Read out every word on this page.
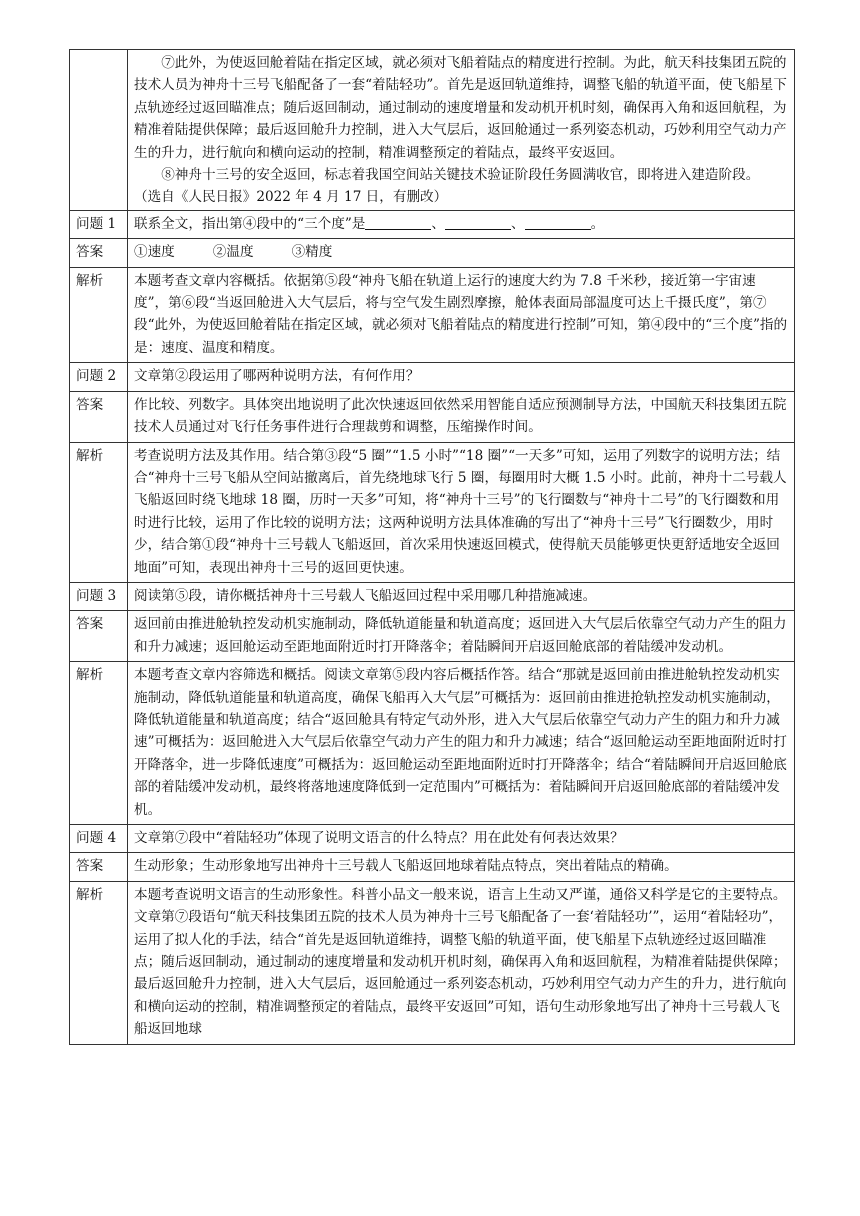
	⑦此外，为使返回舱着陆在指定区域，就必须对飞船着陆点的精度进行控制。为此，航天科技集团五院的技术人员为神舟十三号飞船配备了一套“着陆轻功”。首先是返回轨道维持，调整飞船的轨道平面，使飞船星下点轨迹经过返回瞄准点；随后返回制动，通过制动的速度增量和发动机开机时刻，确保再入角和返回航程，为精准着陆提供保障；最后返回舱升力控制，进入大气层后，返回舱通过一系列姿态机动，巧妙利用空气动力产生的升力，进行航向和横向运动的控制，精准调整预定的着陆点，最终平安返回。

⑧神舟十三号的安全返回，标志着我国空间站关键技术验证阶段任务圆满收官，即将进入建造阶段。

（选自《人民日报》2022 年 4 月 17 日，有删改）

问题 1	联系全文，指出第④段中的“三个度”是 、 、 。
答案	①速度 ②温度 ③精度
解析	本题考查文章内容概括。依据第⑤段“神舟飞船在轨道上运行的速度大约为 7.8 千米秒，接近第一宇宙速度”，第⑥段“当返回舱进入大气层后，将与空气发生剧烈摩擦，舱体表面局部温度可达上千摄氏度”，第⑦段“此外，为使返回舱着陆在指定区域，就必须对飞船着陆点的精度进行控制”可知，第④段中的“三个度”指的是：速度、温度和精度。
问题 2	文章第②段运用了哪两种说明方法，有何作用？
答案	作比较、列数字。具体突出地说明了此次快速返回依然采用智能自适应预测制导方法，中国航天科技集团五院技术人员通过对飞行任务事件进行合理裁剪和调整，压缩操作时间。
解析	考查说明方法及其作用。结合第③段“5 圈”“1.5 小时”“18 圈”“一天多”可知，运用了列数字的说明方法；结合“神舟十三号飞船从空间站撤离后，首先绕地球飞行 5 圈，每圈用时大概 1.5 小时。此前，神舟十二号载人飞船返回时绕飞地球 18 圈，历时一天多”可知，将“神舟十三号”的飞行圈数与“神舟十二号”的飞行圈数和用时进行比较，运用了作比较的说明方法；这两种说明方法具体准确的写出了“神舟十三号”飞行圈数少，用时少，结合第①段“神舟十三号载人飞船返回，首次采用快速返回模式，使得航天员能够更快更舒适地安全返回地面”可知，表现出神舟十三号的返回更快速。
问题 3	阅读第⑤段，请你概括神舟十三号载人飞船返回过程中采用哪几种措施减速。
答案	返回前由推进舱轨控发动机实施制动，降低轨道能量和轨道高度；返回进入大气层后依靠空气动力产生的阻力和升力减速；返回舱运动至距地面附近时打开降落伞；着陆瞬间开启返回舱底部的着陆缓冲发动机。
解析	本题考查文章内容筛选和概括。阅读文章第⑤段内容后概括作答。结合“那就是返回前由推进舱轨控发动机实施制动，降低轨道能量和轨道高度，确保飞船再入大气层”可概括为：返回前由推进抢轨控发动机实施制动，降低轨道能量和轨道高度；结合“返回舱具有特定气动外形，进入大气层后依靠空气动力产生的阻力和升力减速”可概括为：返回舱进入大气层后依靠空气动力产生的阻力和升力减速；结合“返回舱运动至距地面附近时打开降落伞，进一步降低速度”可概括为：返回舱运动至距地面附近时打开降落伞；结合“着陆瞬间开启返回舱底部的着陆缓冲发动机，最终将落地速度降低到一定范围内”可概括为：着陆瞬间开启返回舱底部的着陆缓冲发机。
问题 4	文章第⑦段中“着陆轻功”体现了说明文语言的什么特点？用在此处有何表达效果？
答案	生动形象；生动形象地写出神舟十三号载人飞船返回地球着陆点特点，突出着陆点的精确。
解析	本题考查说明文语言的生动形象性。科普小品文一般来说，语言上生动又严谨，通俗又科学是它的主要特点。文章第⑦段语句“航天科技集团五院的技术人员为神舟十三号飞船配备了一套‘着陆轻功’”，运用“着陆轻功”，运用了拟人化的手法，结合“首先是返回轨道维持，调整飞船的轨道平面，使飞船星下点轨迹经过返回瞄准点；随后返回制动，通过制动的速度增量和发动机开机时刻，确保再入角和返回航程，为精准着陆提供保障；最后返回舱升力控制，进入大气层后，返回舱通过一系列姿态机动，巧妙利用空气动力产生的升力，进行航向和横向运动的控制，精准调整预定的着陆点，最终平安返回”可知，语句生动形象地写出了神舟十三号载人飞船返回地球
